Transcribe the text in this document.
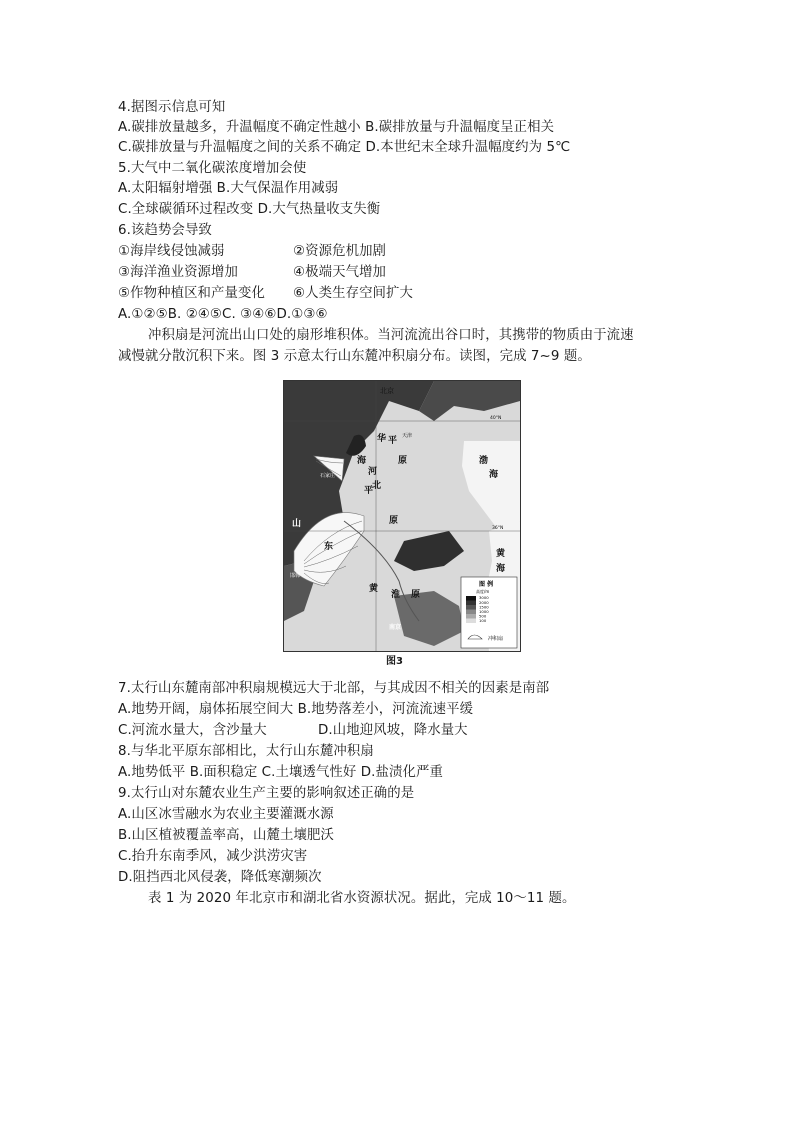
4.据图示信息可知
A.碳排放量越多，升温幅度不确定性越小 B.碳排放量与升温幅度呈正相关
C.碳排放量与升温幅度之间的关系不确定 D.本世纪末全球升温幅度约为 5℃
5.大气中二氧化碳浓度增加会使
A.太阳辐射增强 B.大气保温作用减弱
C.全球碳循环过程改变 D.大气热量收支失衡
6.该趋势会导致
①海岸线侵蚀减弱	②资源危机加剧
③海洋渔业资源增加	④极端天气增加
⑤作物种植区和产量变化 ⑥人类生存空间扩大
A.①②⑤B. ②④⑤C. ③④⑥D.①③⑥
冲积扇是河流出山口处的扇形堆积体。当河流流出谷口时，其携带的物质由于流速
减慢就分散沉积下来。图 3 示意太行山东麓冲积扇分布。读图，完成 7~9 题。
北京
天津
石家庄
邯郸
华
海
河
北
平
原
原
平
山
东
黄
淮 原
渤
海
黄
海
40°N
36°N
南京
图 例
高度/m
3000
2000
1500
1000
500
100
冲积扇
图3
7.太行山东麓南部冲积扇规模远大于北部，与其成因不相关的因素是南部
A.地势开阔，扇体拓展空间大 B.地势落差小，河流流速平缓
C.河流水量大，含沙量大	D.山地迎风坡，降水量大
8.与华北平原东部相比，太行山东麓冲积扇
A.地势低平 B.面积稳定 C.土壤透气性好 D.盐渍化严重
9.太行山对东麓农业生产主要的影响叙述正确的是
A.山区冰雪融水为农业主要灌溉水源
B.山区植被覆盖率高，山麓土壤肥沃
C.抬升东南季风，减少洪涝灾害
D.阻挡西北风侵袭，降低寒潮频次
表 1 为 2020 年北京市和湖北省水资源状况。据此，完成 10～11 题。
